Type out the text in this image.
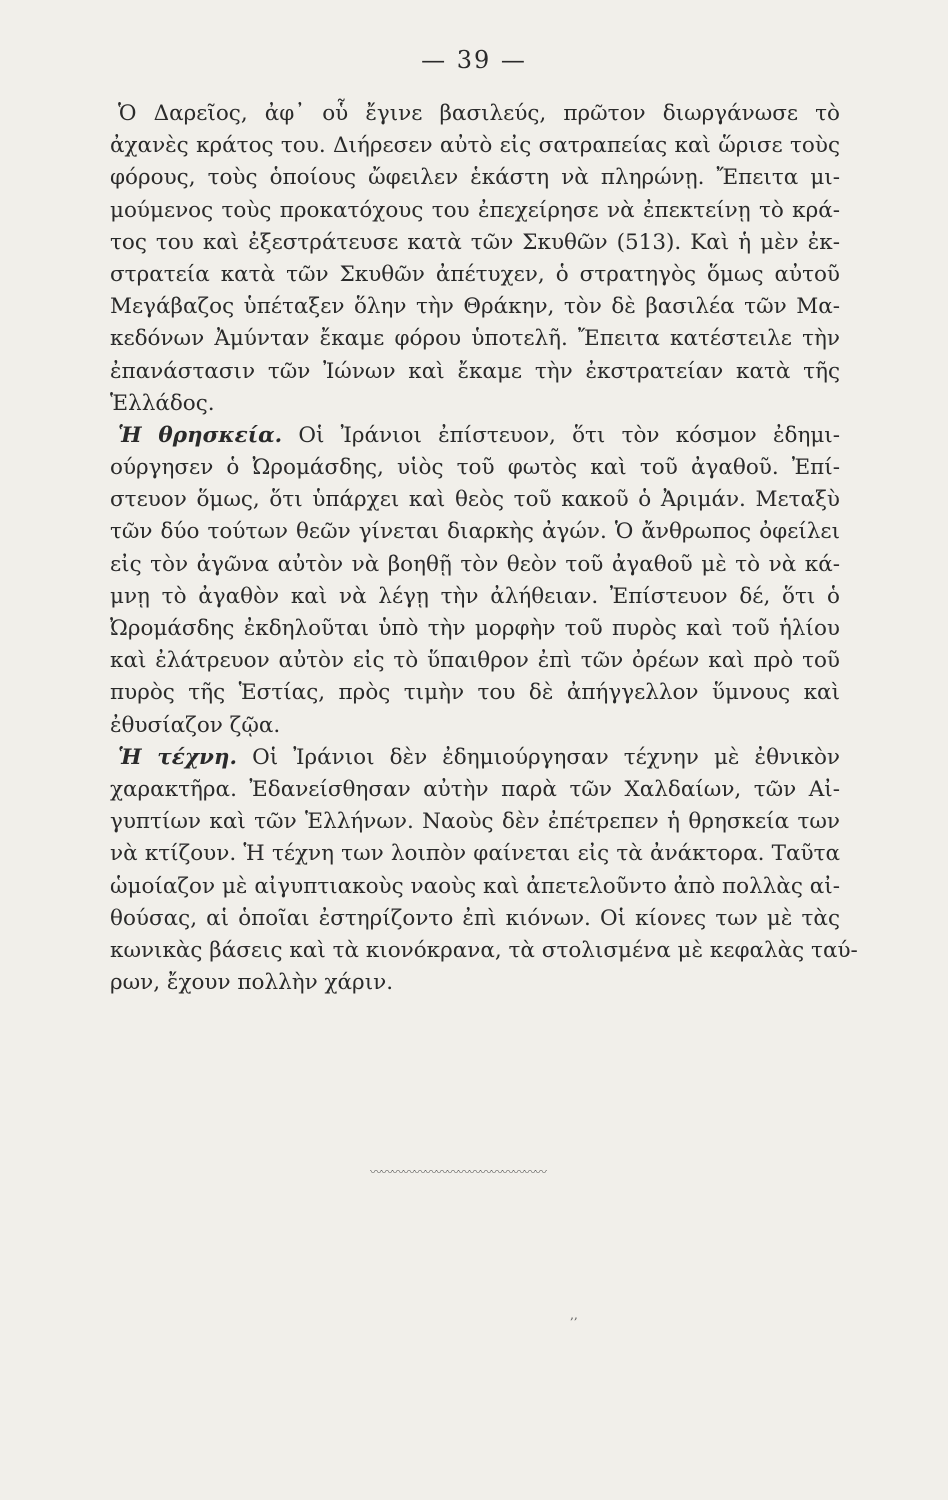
— 39 —
Ὁ Δαρεῖος, ἀφ᾽ οὗ ἔγινε βασιλεύς, πρῶτον διωργάνωσε τὸ
ἀχανὲς κράτος του. Διήρεσεν αὐτὸ εἰς σατραπείας καὶ ὥρισε τοὺς
φόρους, τοὺς ὁποίους ὤφειλεν ἑκάστη νὰ πληρώνῃ. Ἔπειτα μι-
μούμενος τοὺς προκατόχους του ἐπεχείρησε νὰ ἐπεκτείνῃ τὸ κρά-
τος του καὶ ἐξεστράτευσε κατὰ τῶν Σκυθῶν (513). Καὶ ἡ μὲν ἐκ-
στρατεία κατὰ τῶν Σκυθῶν ἀπέτυχεν, ὁ στρατηγὸς ὅμως αὐτοῦ
Μεγάβαζος ὑπέταξεν ὅλην τὴν Θράκην, τὸν δὲ βασιλέα τῶν Μα-
κεδόνων Ἀμύνταν ἔκαμε φόρου ὑποτελῆ. Ἔπειτα κατέστειλε τὴν
ἐπανάστασιν τῶν Ἰώνων καὶ ἔκαμε τὴν ἐκστρατείαν κατὰ τῆς
Ἑλλάδος.
Ἡ θρησκεία. Οἱ Ἰράνιοι ἐπίστευον, ὅτι τὸν κόσμον ἐδημι-
ούργησεν ὁ Ὠρομάσδης, υἱὸς τοῦ φωτὸς καὶ τοῦ ἀγαθοῦ. Ἐπί-
στευον ὅμως, ὅτι ὑπάρχει καὶ θεὸς τοῦ κακοῦ ὁ Ἀριμάν. Μεταξὺ
τῶν δύο τούτων θεῶν γίνεται διαρκὴς ἀγών. Ὁ ἄνθρωπος ὀφείλει
εἰς τὸν ἀγῶνα αὐτὸν νὰ βοηθῇ τὸν θεὸν τοῦ ἀγαθοῦ μὲ τὸ νὰ κά-
μνῃ τὸ ἀγαθὸν καὶ νὰ λέγῃ τὴν ἀλήθειαν. Ἐπίστευον δέ, ὅτι ὁ
Ὠρομάσδης ἐκδηλοῦται ὑπὸ τὴν μορφὴν τοῦ πυρὸς καὶ τοῦ ἡλίου
καὶ ἐλάτρευον αὐτὸν εἰς τὸ ὕπαιθρον ἐπὶ τῶν ὀρέων καὶ πρὸ τοῦ
πυρὸς τῆς Ἑστίας, πρὸς τιμὴν του δὲ ἀπήγγελλον ὕμνους καὶ
ἐθυσίαζον ζῷα.
Ἡ τέχνη. Οἱ Ἰράνιοι δὲν ἐδημιούργησαν τέχνην μὲ ἐθνικὸν
χαρακτῆρα. Ἐδανείσθησαν αὐτὴν παρὰ τῶν Χαλδαίων, τῶν Αἰ-
γυπτίων καὶ τῶν Ἑλλήνων. Ναοὺς δὲν ἐπέτρεπεν ἡ θρησκεία των
νὰ κτίζουν. Ἡ τέχνη των λοιπὸν φαίνεται εἰς τὰ ἀνάκτορα. Ταῦτα
ὡμοίαζον μὲ αἰγυπτιακοὺς ναοὺς καὶ ἀπετελοῦντο ἀπὸ πολλὰς αἰ-
θούσας, αἱ ὁποῖαι ἐστηρίζοντο ἐπὶ κιόνων. Οἱ κίονες των μὲ τὰς
κωνικὰς βάσεις καὶ τὰ κιονόκρανα, τὰ στολισμένα μὲ κεφαλὰς ταύ-
ρων, ἔχουν πολλὴν χάριν.
〰〰〰〰〰〰〰〰〰〰〰〰〰〰〰〰
‚‚
